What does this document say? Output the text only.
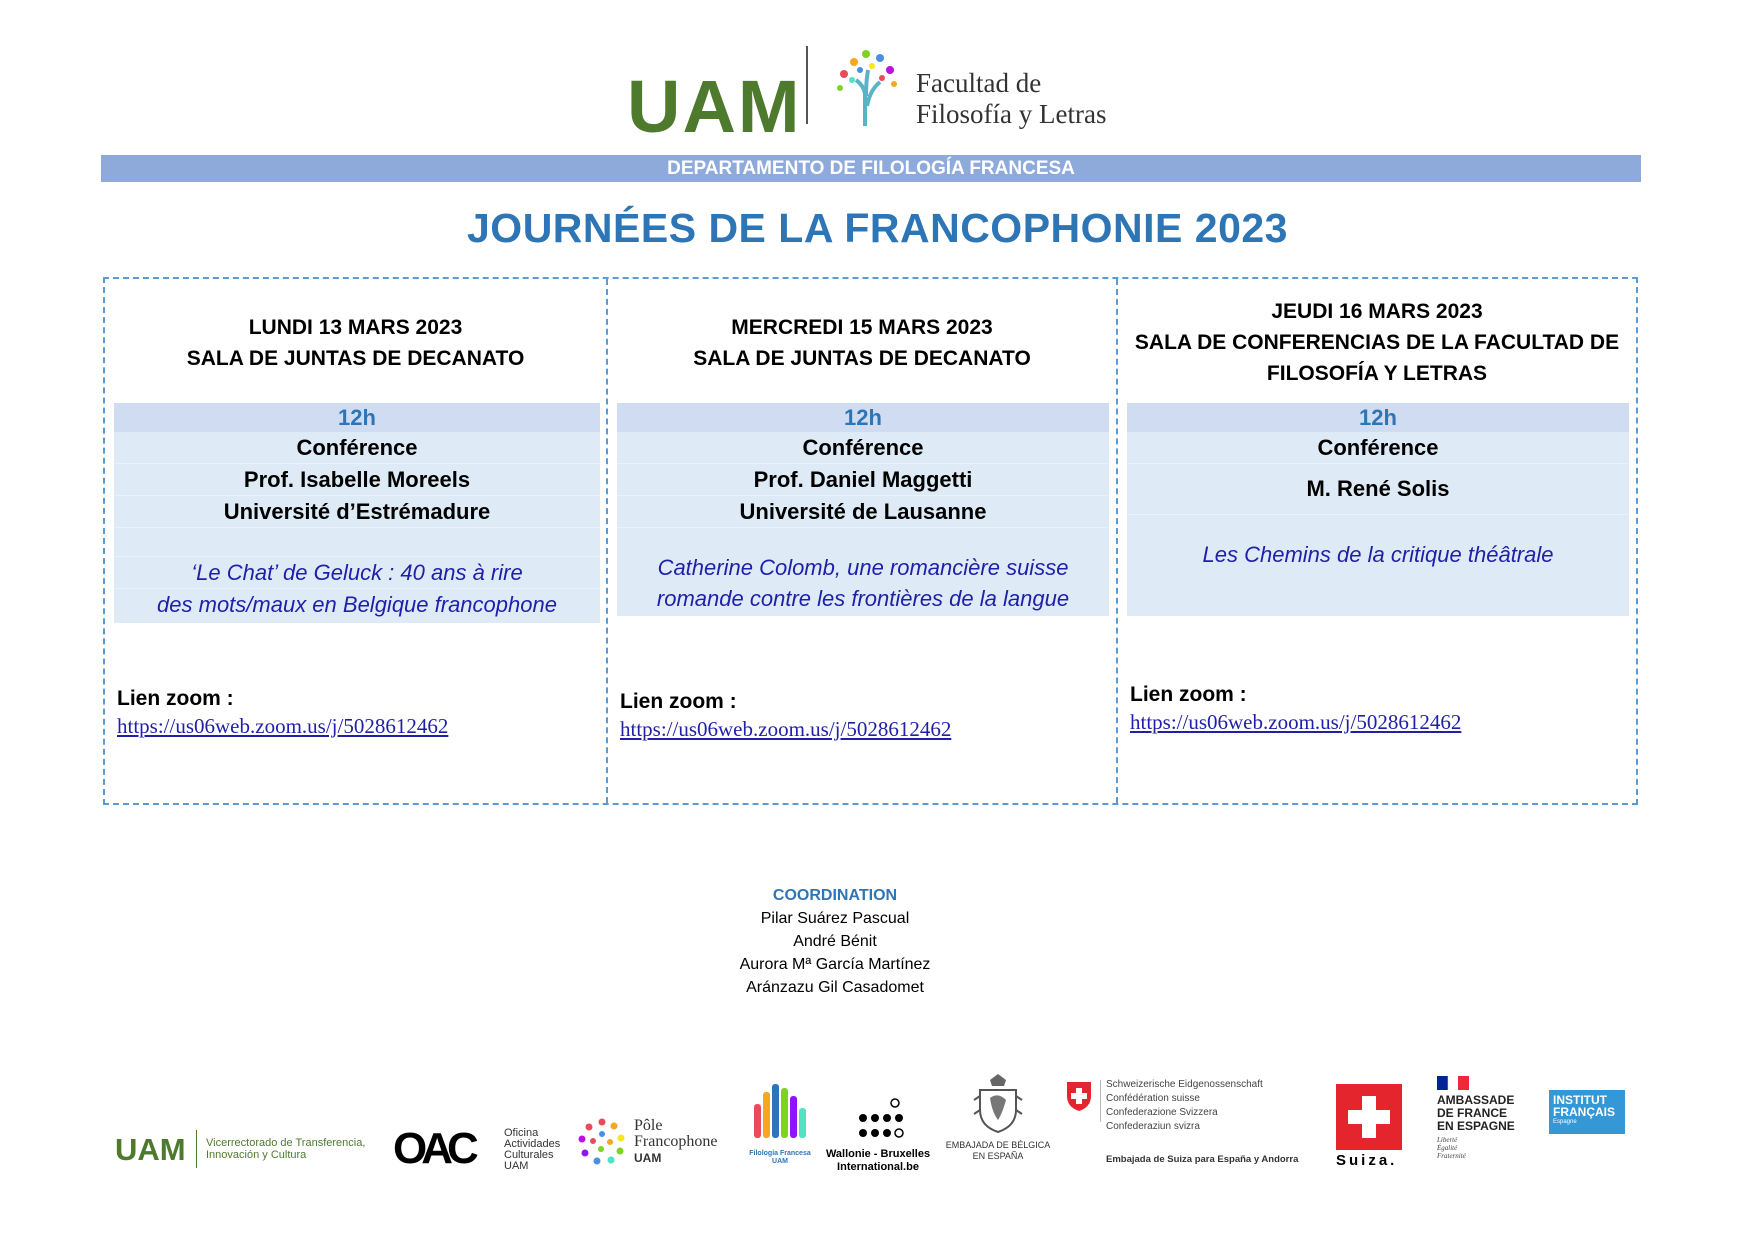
UAM	Facultad de
Filosofía y Letras
DEPARTAMENTO DE FILOLOGÍA FRANCESA
JOURNÉES DE LA FRANCOPHONIE 2023
LUNDI 13 MARS 2023
SALA DE JUNTAS DE DECANATO
12h
Conférence
Prof. Isabelle Moreels
Université d’Estrémadure
‘Le Chat’ de Geluck : 40 ans à rire
des mots/maux en Belgique francophone
Lien zoom :
https://us06web.zoom.us/j/5028612462
MERCREDI 15 MARS 2023
SALA DE JUNTAS DE DECANATO
12h
Conférence
Prof. Daniel Maggetti
Université de Lausanne
Catherine Colomb, une romancière suisse
romande contre les frontières de la langue
Lien zoom :
https://us06web.zoom.us/j/5028612462
JEUDI 16 MARS 2023
SALA DE CONFERENCIAS DE LA FACULTAD DE
FILOSOFÍA Y LETRAS
12h
Conférence
M. René Solis
Les Chemins de la critique théâtrale
Lien zoom :
https://us06web.zoom.us/j/5028612462
COORDINATION
Pilar Suárez Pascual
André Bénit
Aurora Mª García Martínez
Aránzazu Gil Casadomet
UAM Vicerrectorado de Transferencia,
Innovación y Cultura	OAC	Oficina
Actividades
Culturales
UAM
Pôle
Francophone
UAM	Filología Francesa
UAM
Wallonie - Bruxelles
International.be
EMBAJADA DE BÉLGICA
EN ESPAÑA
Schweizerische Eidgenossenschaft
Confédération suisse
Confederazione Svizzera
Confederaziun svizra
Embajada de Suiza para España y Andorra	Suiza.
AMBASSADE
DE FRANCE
EN ESPAGNE
Liberté
Égalité
Fraternité
INSTITUT
FRANÇAIS
Espagne
